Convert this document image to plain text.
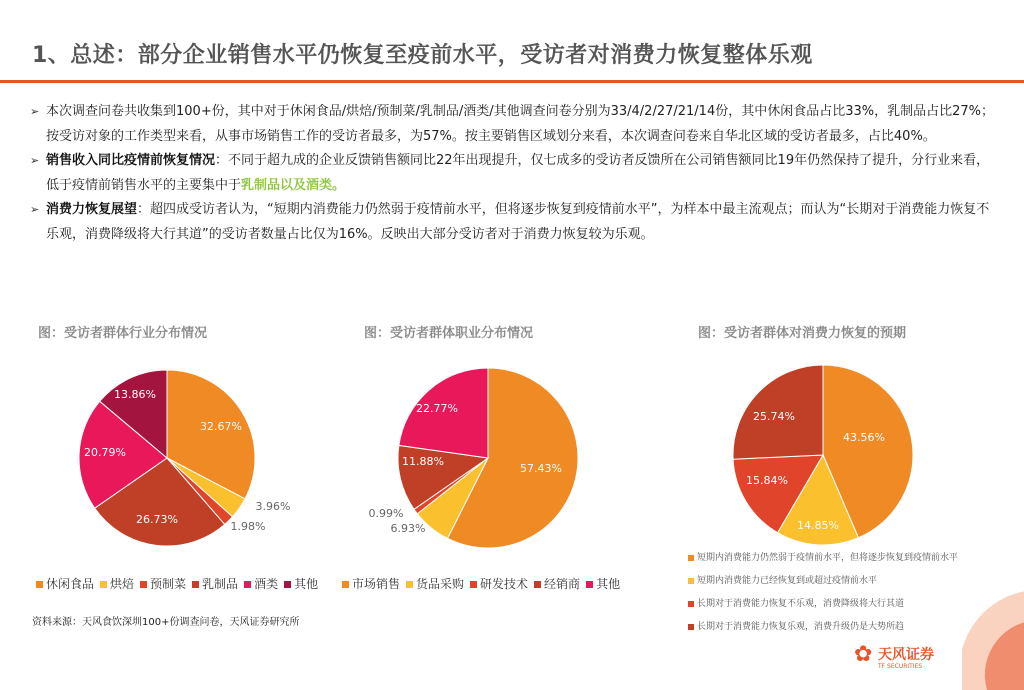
1、总述：部分企业销售水平仍恢复至疫前水平，受访者对消费力恢复整体乐观
➢ 本次调查问卷共收集到100+份，其中对于休闲食品/烘焙/预制菜/乳制品/酒类/其他调查问卷分别为33/4/2/27/21/14份，其中休闲食品占比33%，乳制品占比27%；按受访对象的工作类型来看，从事市场销售工作的受访者最多，为57%。按主要销售区域划分来看，本次调查问卷来自华北区域的受访者最多，占比40%。
➢ 销售收入同比疫情前恢复情况：不同于超九成的企业反馈销售额同比22年出现提升，仅七成多的受访者反馈所在公司销售额同比19年仍然保持了提升，分行业来看，低于疫情前销售水平的主要集中于乳制品以及酒类。
➢ 消费力恢复展望：超四成受访者认为，“短期内消费能力仍然弱于疫情前水平，但将逐步恢复到疫情前水平”，为样本中最主流观点；而认为“长期对于消费能力恢复不乐观，消费降级将大行其道”的受访者数量占比仅为16%。反映出大部分受访者对于消费力恢复较为乐观。
图：受访者群体行业分布情况	图：受访者群体职业分布情况	图：受访者群体对消费力恢复的预期
32.67%
3.96%
1.98%
26.73%
20.79%
13.86%
57.43%
6.93%
0.99%
11.88%
22.77%
43.56%
14.85%
15.84%
25.74%
休闲食品 烘焙 预制菜 乳制品 酒类 其他	市场销售 货品采购 研发技术 经销商 其他
短期内消费能力仍然弱于疫情前水平，但将逐步恢复到疫情前水平
短期内消费能力已经恢复到或超过疫情前水平
长期对于消费能力恢复不乐观，消费降级将大行其道
长期对于消费能力恢复乐观，消费升级仍是大势所趋
资料来源：天风食饮深圳100+份调查问卷，天风证券研究所
✿ 天风证券
TF SECURITIES
